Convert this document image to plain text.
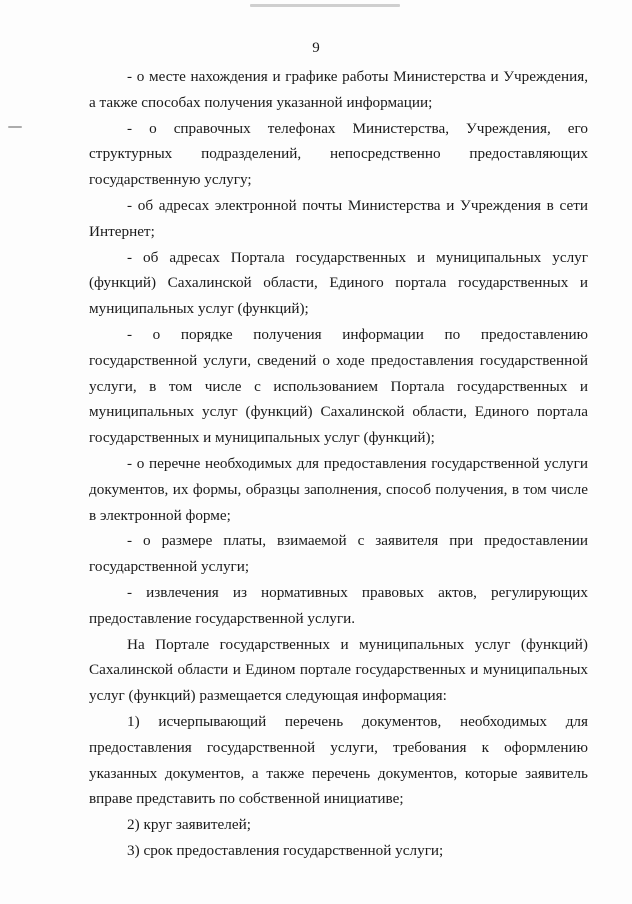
9

- о месте нахождения и графике работы Министерства и Учреждения, а также способах получения указанной информации;

- о справочных телефонах Министерства, Учреждения, его структурных подразделений, непосредственно предоставляющих государственную услугу;

- об адресах электронной почты Министерства и Учреждения в сети Интернет;

- об адресах Портала государственных и муниципальных услуг (функций) Сахалинской области, Единого портала государственных и муниципальных услуг (функций);

- о порядке получения информации по предоставлению государственной услуги, сведений о ходе предоставления государственной услуги, в том числе с использованием Портала государственных и муниципальных услуг (функций) Сахалинской области, Единого портала государственных и муниципальных услуг (функций);

- о перечне необходимых для предоставления государственной услуги документов, их формы, образцы заполнения, способ получения, в том числе в электронной форме;

- о размере платы, взимаемой с заявителя при предоставлении государственной услуги;

- извлечения из нормативных правовых актов, регулирующих предоставление государственной услуги.

На Портале государственных и муниципальных услуг (функций) Сахалинской области и Едином портале государственных и муниципальных услуг (функций) размещается следующая информация:

1) исчерпывающий перечень документов, необходимых для предоставления государственной услуги, требования к оформлению указанных документов, а также перечень документов, которые заявитель вправе представить по собственной инициативе;

2) круг заявителей;

3) срок предоставления государственной услуги;
